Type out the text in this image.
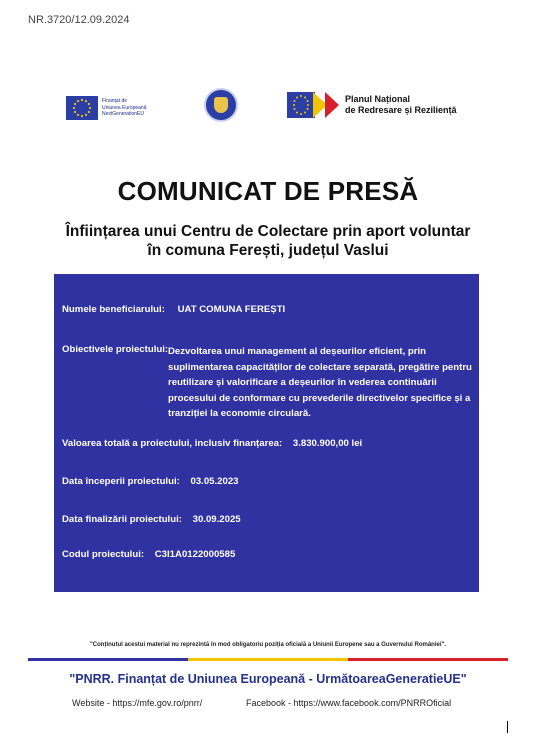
NR.3720/12.09.2024
Finanțat de
Uniunea Europeană
NextGenerationEU
Planul Național
de Redresare și Reziliență
COMUNICAT DE PRESĂ
Înființarea unui Centru de Colectare prin aport voluntar
în comuna Ferești, județul Vaslui
Numele beneficiarului: UAT COMUNA FEREȘTI
Obiectivele proiectului: Dezvoltarea unui management al deșeurilor eficient, prin suplimentarea capacităților de colectare separată, pregătire pentru reutilizare și valorificare a deșeurilor în vederea continuării procesului de conformare cu prevederile directivelor specifice și a tranziției la economie circulară.
Valoarea totală a proiectului, inclusiv finanțarea: 3.830.900,00 lei
Data începerii proiectului: 03.05.2023
Data finalizării proiectului: 30.09.2025
Codul proiectului: C3I1A0122000585
"Conținutul acestui material nu reprezintă în mod obligatoriu poziția oficială a Uniunii Europene sau a Guvernului României".
"PNRR. Finanțat de Uniunea Europeană - UrmătoareaGeneratieUE"
Website - https://mfe.gov.ro/pnrr/	Facebook - https://www.facebook.com/PNRROficial
